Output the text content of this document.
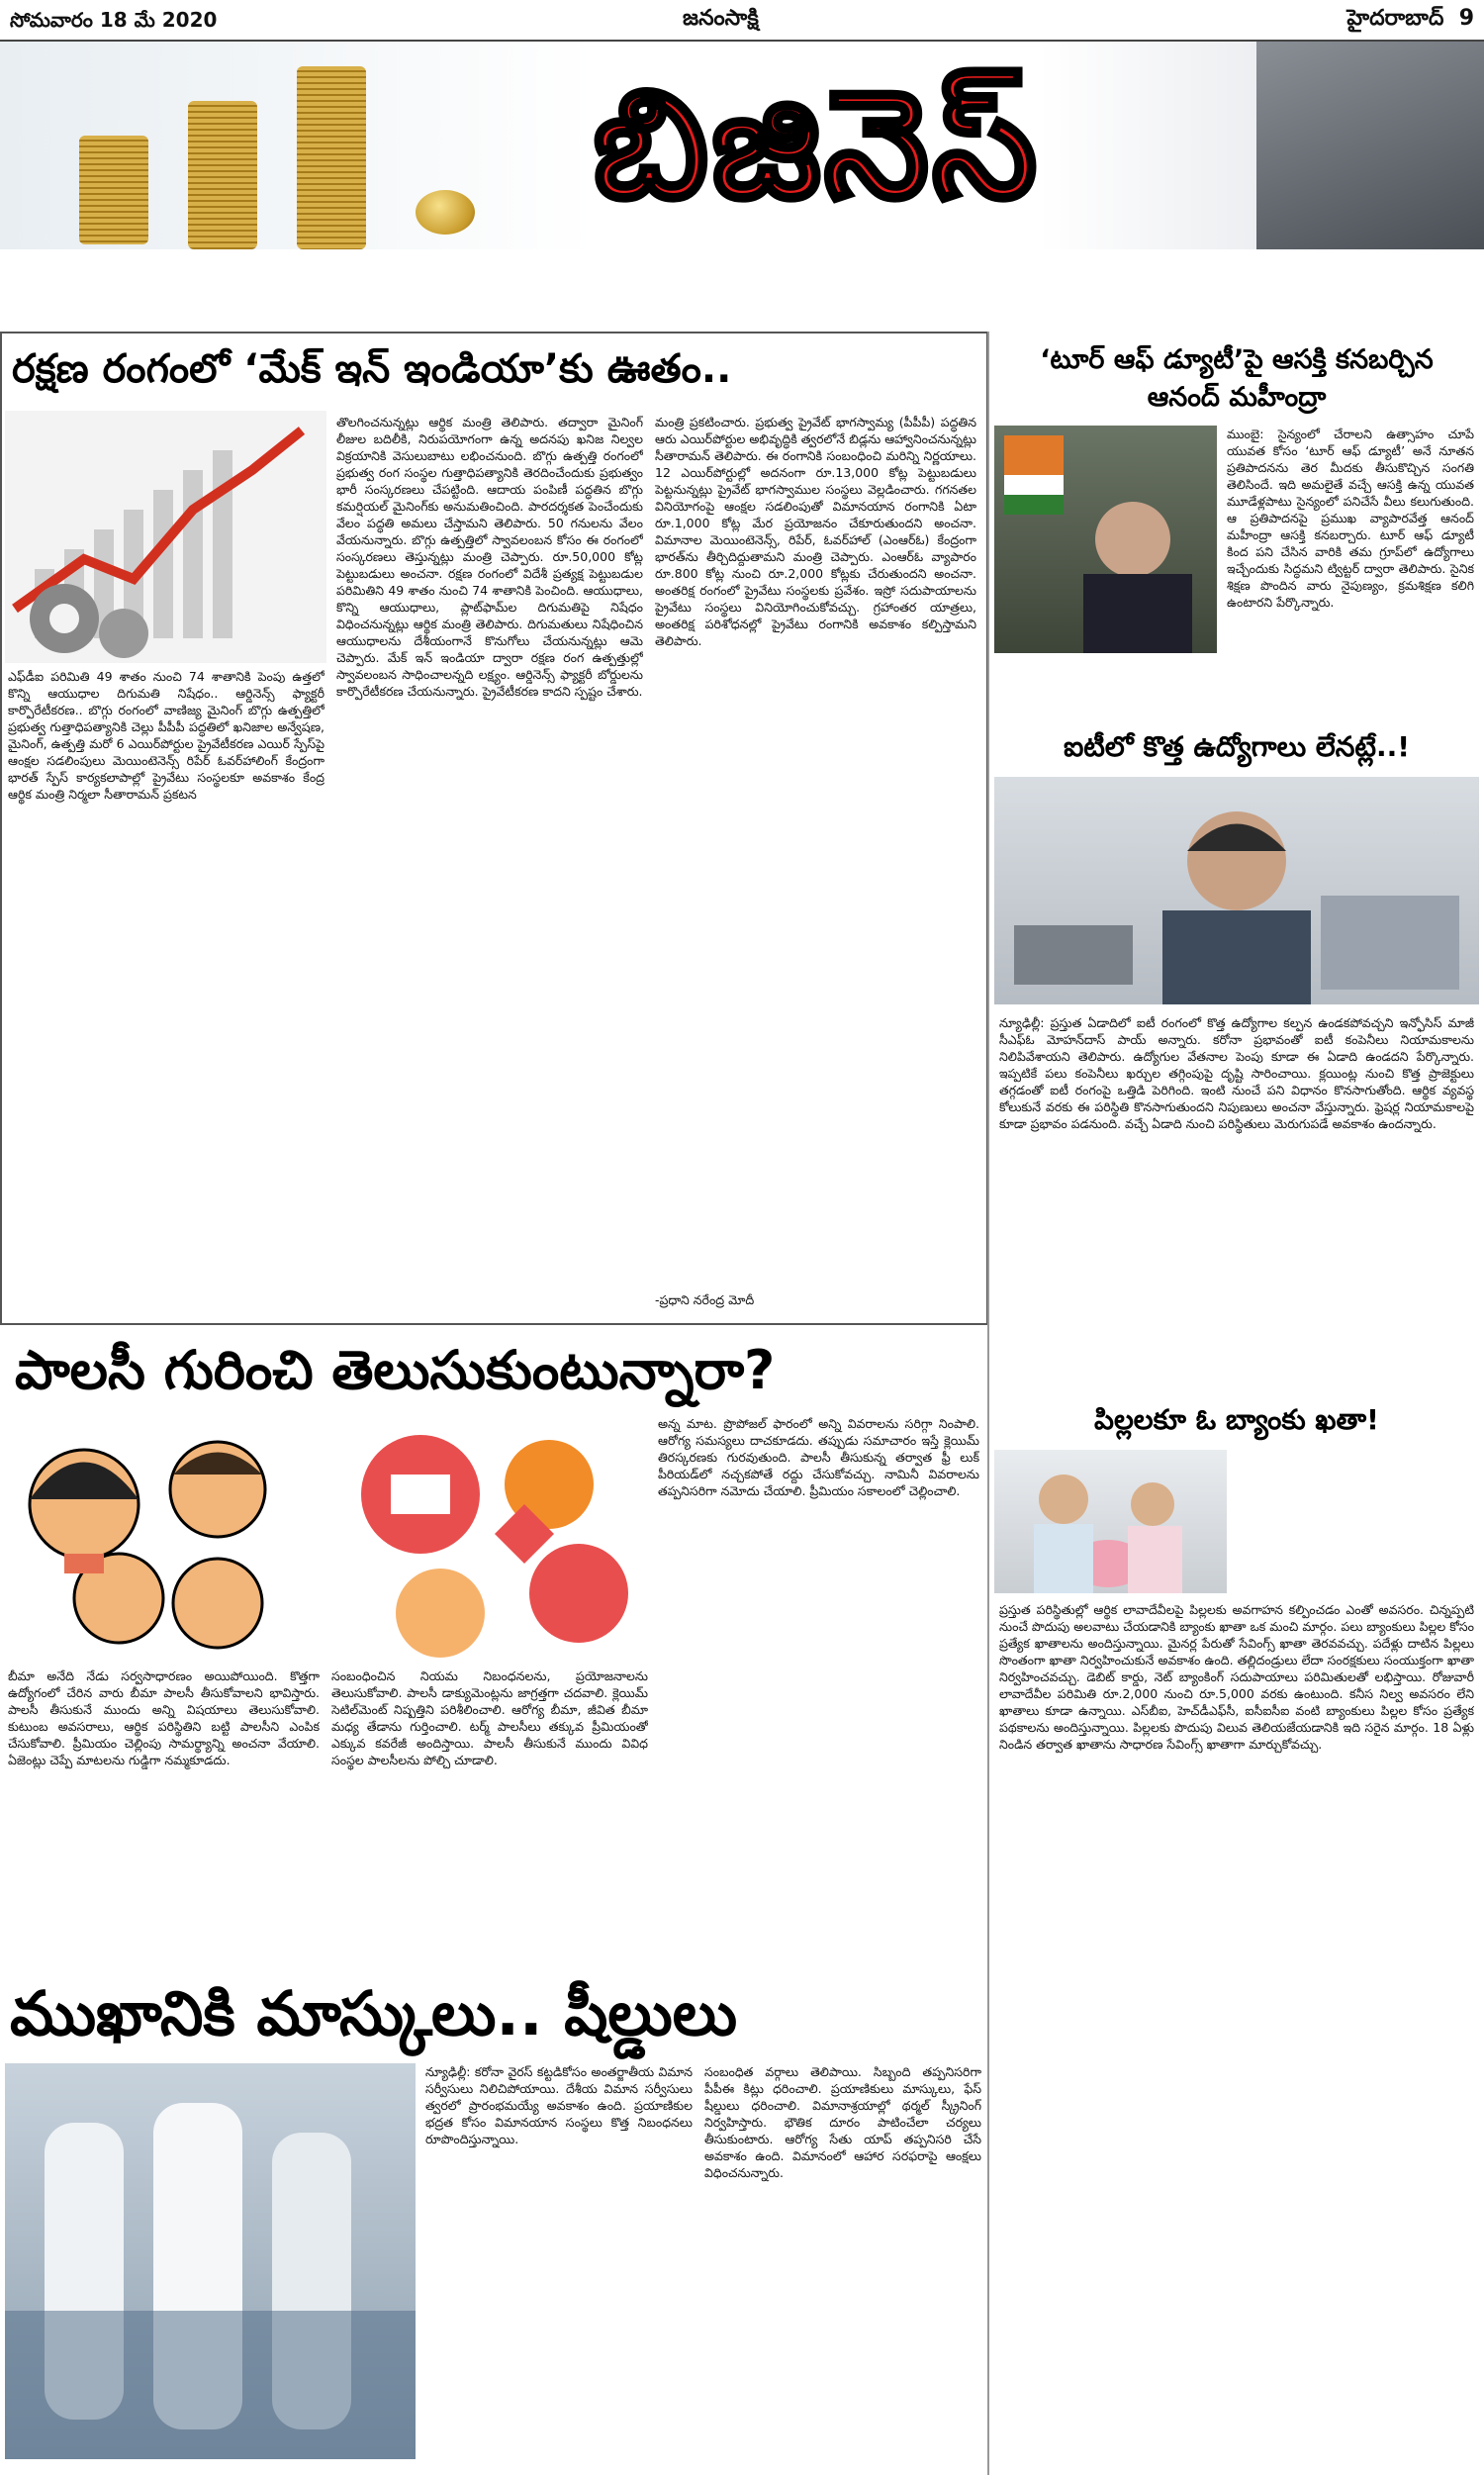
సోమవారం 18 మే 2020	జనంసాక్షి	హైదరాబాద్ 9
బిజినెస్
రక్షణ రంగంలో ‘మేక్ ఇన్ ఇండియా’కు ఊతం..
ఎఫ్‌డీఐ పరిమితి 49 శాతం నుంచి 74 శాతానికి పెంపు ఉత్తలో కొన్ని ఆయుధాల దిగుమతి నిషేధం.. ఆర్డినెన్స్ ఫ్యాక్టరీ కార్పొరేటీకరణ.. బొగ్గు రంగంలో వాణిజ్య మైనింగ్ బొగ్గు ఉత్పత్తిలో ప్రభుత్వ గుత్తాధిపత్యానికి చెల్లు పీపీపీ పద్ధతిలో ఖనిజాల అన్వేషణ, మైనింగ్, ఉత్పత్తి మరో 6 ఎయిర్‌పోర్టుల ప్రైవేటీకరణ ఎయిర్ స్పేస్‌పై ఆంక్షల సడలింపులు మెయింటెనెన్స్ రిపేర్ ఓవర్‌హాలింగ్ కేంద్రంగా భారత్ స్పేస్ కార్యకలాపాల్లో ప్రైవేటు సంస్థలకూ అవకాశం కేంద్ర ఆర్థిక మంత్రి నిర్మలా సీతారామన్ ప్రకటన
తొలగించనున్నట్లు ఆర్థిక మంత్రి తెలిపారు. తద్వారా మైనింగ్ లీజుల బదిలీకి, నిరుపయోగంగా ఉన్న అదనపు ఖనిజ నిల్వల విక్రయానికి వెసులుబాటు లభించనుంది. బొగ్గు ఉత్పత్తి రంగంలో ప్రభుత్వ రంగ సంస్థల గుత్తాధిపత్యానికి తెరదించేందుకు ప్రభుత్వం భారీ సంస్కరణలు చేపట్టింది. ఆదాయ పంపిణీ పద్ధతిన బొగ్గు కమర్షియల్ మైనింగ్‌కు అనుమతించింది. పారదర్శకత పెంచేందుకు వేలం పద్ధతి అమలు చేస్తామని తెలిపారు. 50 గనులను వేలం వేయనున్నారు. బొగ్గు ఉత్పత్తిలో స్వావలంబన కోసం ఈ రంగంలో సంస్కరణలు తెస్తున్నట్లు మంత్రి చెప్పారు. రూ.50,000 కోట్ల పెట్టుబడులు అంచనా. రక్షణ రంగంలో విదేశీ ప్రత్యక్ష పెట్టుబడుల పరిమితిని 49 శాతం నుంచి 74 శాతానికి పెంచింది. ఆయుధాలు, కొన్ని ఆయుధాలు, ప్లాట్‌ఫామ్‌ల దిగుమతిపై నిషేధం విధించనున్నట్లు ఆర్థిక మంత్రి తెలిపారు. దిగుమతులు నిషేధించిన ఆయుధాలను దేశీయంగానే కొనుగోలు చేయనున్నట్లు ఆమె చెప్పారు. మేక్ ఇన్ ఇండియా ద్వారా రక్షణ రంగ ఉత్పత్తుల్లో స్వావలంబన సాధించాలన్నది లక్ష్యం. ఆర్డినెన్స్ ఫ్యాక్టరీ బోర్డులను కార్పొరేటీకరణ చేయనున్నారు. ప్రైవేటీకరణ కాదని స్పష్టం చేశారు.
మంత్రి ప్రకటించారు. ప్రభుత్వ ప్రైవేట్ భాగస్వామ్య (పీపీపీ) పద్ధతిన ఆరు ఎయిర్‌పోర్టుల అభివృద్ధికి త్వరలోనే బిడ్లను ఆహ్వానించనున్నట్లు సీతారామన్ తెలిపారు. ఈ రంగానికి సంబంధించి మరిన్ని నిర్ణయాలు. 12 ఎయిర్‌పోర్టుల్లో అదనంగా రూ.13,000 కోట్ల పెట్టుబడులు పెట్టనున్నట్లు ప్రైవేట్ భాగస్వాముల సంస్థలు వెల్లడించారు. గగనతల వినియోగంపై ఆంక్షల సడలింపుతో విమానయాన రంగానికి ఏటా రూ.1,000 కోట్ల మేర ప్రయోజనం చేకూరుతుందని అంచనా. విమానాల మెయింటెనెన్స్, రిపేర్, ఓవర్‌హాల్ (ఎంఆర్‌ఓ) కేంద్రంగా భారత్‌ను తీర్చిదిద్దుతామని మంత్రి చెప్పారు. ఎంఆర్‌ఓ వ్యాపారం రూ.800 కోట్ల నుంచి రూ.2,000 కోట్లకు చేరుతుందని అంచనా. అంతరిక్ష రంగంలో ప్రైవేటు సంస్థలకు ప్రవేశం. ఇస్రో సదుపాయాలను ప్రైవేటు సంస్థలు వినియోగించుకోవచ్చు. గ్రహాంతర యాత్రలు, అంతరిక్ష పరిశోధనల్లో ప్రైవేటు రంగానికి అవకాశం కల్పిస్తామని తెలిపారు.
-ప్రధాని నరేంద్ర మోదీ
‘టూర్ ఆఫ్ డ్యూటీ’పై ఆసక్తి కనబర్చిన ఆనంద్ మహీంద్రా
ముంబై: సైన్యంలో చేరాలని ఉత్సాహం చూపే యువత కోసం ‘టూర్ ఆఫ్ డ్యూటీ’ అనే నూతన ప్రతిపాదనను తెర మీదకు తీసుకొచ్చిన సంగతి తెలిసిందే. ఇది అమలైతే వచ్చే ఆసక్తి ఉన్న యువత మూడేళ్లపాటు సైన్యంలో పనిచేసే వీలు కలుగుతుంది. ఆ ప్రతిపాదనపై ప్రముఖ వ్యాపారవేత్త ఆనంద్ మహీంద్రా ఆసక్తి కనబర్చారు. టూర్ ఆఫ్ డ్యూటీ కింద పని చేసిన వారికి తమ గ్రూప్‌లో ఉద్యోగాలు ఇచ్చేందుకు సిద్ధమని ట్విట్టర్ ద్వారా తెలిపారు. సైనిక శిక్షణ పొందిన వారు నైపుణ్యం, క్రమశిక్షణ కలిగి ఉంటారని పేర్కొన్నారు.
ఐటీలో కొత్త ఉద్యోగాలు లేనట్లే..!
న్యూఢిల్లీ: ప్రస్తుత ఏడాదిలో ఐటీ రంగంలో కొత్త ఉద్యోగాల కల్పన ఉండకపోవచ్చని ఇన్ఫోసిస్ మాజీ సీఎఫ్‌ఓ మోహన్‌దాస్ పాయ్ అన్నారు. కరోనా ప్రభావంతో ఐటీ కంపెనీలు నియామకాలను నిలిపివేశాయని తెలిపారు. ఉద్యోగుల వేతనాల పెంపు కూడా ఈ ఏడాది ఉండదని పేర్కొన్నారు. ఇప్పటికే పలు కంపెనీలు ఖర్చుల తగ్గింపుపై దృష్టి సారించాయి. క్లయింట్ల నుంచి కొత్త ప్రాజెక్టులు తగ్గడంతో ఐటీ రంగంపై ఒత్తిడి పెరిగింది. ఇంటి నుంచే పని విధానం కొనసాగుతోంది. ఆర్థిక వ్యవస్థ కోలుకునే వరకు ఈ పరిస్థితి కొనసాగుతుందని నిపుణులు అంచనా వేస్తున్నారు. ఫ్రెషర్ల నియామకాలపై కూడా ప్రభావం పడనుంది. వచ్చే ఏడాది నుంచి పరిస్థితులు మెరుగుపడే అవకాశం ఉందన్నారు.
పిల్లలకూ ఓ బ్యాంకు ఖతా!
ప్రస్తుత పరిస్థితుల్లో ఆర్థిక లావాదేవీలపై పిల్లలకు అవగాహన కల్పించడం ఎంతో అవసరం. చిన్నప్పటి నుంచే పొదుపు అలవాటు చేయడానికి బ్యాంకు ఖాతా ఒక మంచి మార్గం. పలు బ్యాంకులు పిల్లల కోసం ప్రత్యేక ఖాతాలను అందిస్తున్నాయి. మైనర్ల పేరుతో సేవింగ్స్ ఖాతా తెరవవచ్చు. పదేళ్లు దాటిన పిల్లలు సొంతంగా ఖాతా నిర్వహించుకునే అవకాశం ఉంది. తల్లిదండ్రులు లేదా సంరక్షకులు సంయుక్తంగా ఖాతా నిర్వహించవచ్చు. డెబిట్ కార్డు, నెట్ బ్యాంకింగ్ సదుపాయాలు పరిమితులతో లభిస్తాయి. రోజువారీ లావాదేవీల పరిమితి రూ.2,000 నుంచి రూ.5,000 వరకు ఉంటుంది. కనీస నిల్వ అవసరం లేని ఖాతాలు కూడా ఉన్నాయి. ఎస్‌బీఐ, హెచ్‌డీఎఫ్‌సీ, ఐసీఐసీఐ వంటి బ్యాంకులు పిల్లల కోసం ప్రత్యేక పథకాలను అందిస్తున్నాయి. పిల్లలకు పొదుపు విలువ తెలియజేయడానికి ఇది సరైన మార్గం. 18 ఏళ్లు నిండిన తర్వాత ఖాతాను సాధారణ సేవింగ్స్ ఖాతాగా మార్చుకోవచ్చు.
పాలసీ గురించి తెలుసుకుంటున్నారా?
బీమా అనేది నేడు సర్వసాధారణం అయిపోయింది. కొత్తగా ఉద్యోగంలో చేరిన వారు బీమా పాలసీ తీసుకోవాలని భావిస్తారు. పాలసీ తీసుకునే ముందు అన్ని విషయాలు తెలుసుకోవాలి. కుటుంబ అవసరాలు, ఆర్థిక పరిస్థితిని బట్టి పాలసీని ఎంపిక చేసుకోవాలి. ప్రీమియం చెల్లింపు సామర్థ్యాన్ని అంచనా వేయాలి. ఏజెంట్లు చెప్పే మాటలను గుడ్డిగా నమ్మకూడదు.
సంబంధించిన నియమ నిబంధనలను, ప్రయోజనాలను తెలుసుకోవాలి. పాలసీ డాక్యుమెంట్లను జాగ్రత్తగా చదవాలి. క్లెయిమ్ సెటిల్‌మెంట్ నిష్పత్తిని పరిశీలించాలి. ఆరోగ్య బీమా, జీవిత బీమా మధ్య తేడాను గుర్తించాలి. టర్మ్ పాలసీలు తక్కువ ప్రీమియంతో ఎక్కువ కవరేజీ అందిస్తాయి. పాలసీ తీసుకునే ముందు వివిధ సంస్థల పాలసీలను పోల్చి చూడాలి.
అన్న మాట. ప్రొపోజల్ ఫారంలో అన్ని వివరాలను సరిగ్గా నింపాలి. ఆరోగ్య సమస్యలు దాచకూడదు. తప్పుడు సమాచారం ఇస్తే క్లెయిమ్ తిరస్కరణకు గురవుతుంది. పాలసీ తీసుకున్న తర్వాత ఫ్రీ లుక్ పీరియడ్‌లో నచ్చకపోతే రద్దు చేసుకోవచ్చు. నామినీ వివరాలను తప్పనిసరిగా నమోదు చేయాలి. ప్రీమియం సకాలంలో చెల్లించాలి.
ముఖానికి మాస్కులు.. షీల్డులు
న్యూఢిల్లీ: కరోనా వైరస్ కట్టడికోసం అంతర్జాతీయ విమాన సర్వీసులు నిలిచిపోయాయి. దేశీయ విమాన సర్వీసులు త్వరలో ప్రారంభమయ్యే అవకాశం ఉంది. ప్రయాణికుల భద్రత కోసం విమానయాన సంస్థలు కొత్త నిబంధనలు రూపొందిస్తున్నాయి.
సంబంధిత వర్గాలు తెలిపాయి. సిబ్బంది తప్పనిసరిగా పీపీఈ కిట్లు ధరించాలి. ప్రయాణికులు మాస్కులు, ఫేస్ షీల్డులు ధరించాలి. విమానాశ్రయాల్లో థర్మల్ స్క్రీనింగ్ నిర్వహిస్తారు. భౌతిక దూరం పాటించేలా చర్యలు తీసుకుంటారు. ఆరోగ్య సేతు యాప్ తప్పనిసరి చేసే అవకాశం ఉంది. విమానంలో ఆహార సరఫరాపై ఆంక్షలు విధించనున్నారు.
